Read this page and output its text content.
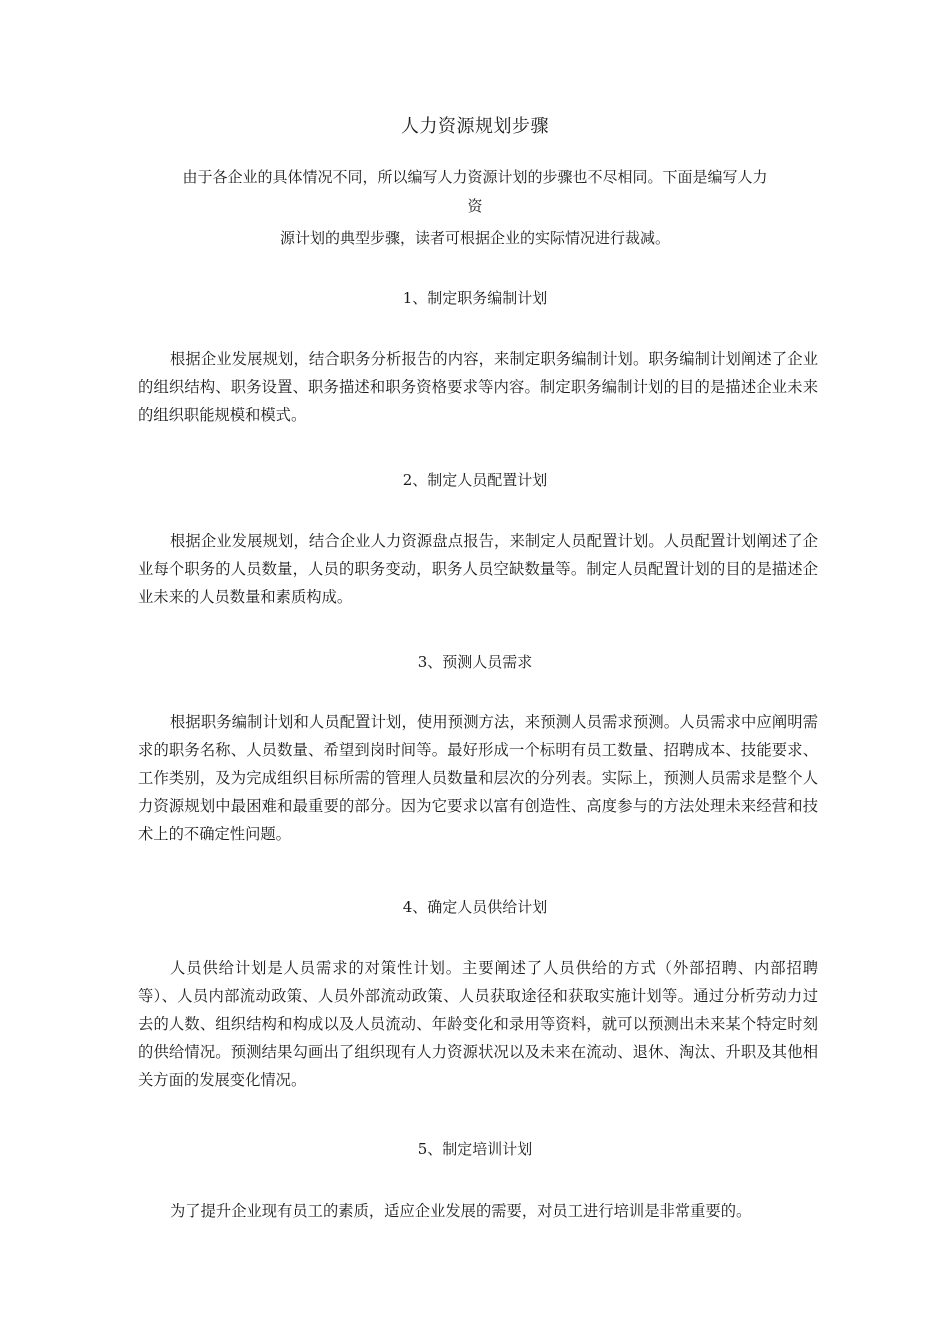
人力资源规划步骤
由于各企业的具体情况不同，所以编写人力资源计划的步骤也不尽相同。下面是编写人力
资
源计划的典型步骤，读者可根据企业的实际情况进行裁减。
1、制定职务编制计划

根据企业发展规划，结合职务分析报告的内容，来制定职务编制计划。职务编制计划阐述了企业的组织结构、职务设置、职务描述和职务资格要求等内容。制定职务编制计划的目的是描述企业未来的组织职能规模和模式。

2、制定人员配置计划

根据企业发展规划，结合企业人力资源盘点报告，来制定人员配置计划。人员配置计划阐述了企业每个职务的人员数量，人员的职务变动，职务人员空缺数量等。制定人员配置计划的目的是描述企业未来的人员数量和素质构成。

3、预测人员需求

根据职务编制计划和人员配置计划，使用预测方法，来预测人员需求预测。人员需求中应阐明需求的职务名称、人员数量、希望到岗时间等。最好形成一个标明有员工数量、招聘成本、技能要求、工作类别，及为完成组织目标所需的管理人员数量和层次的分列表。实际上，预测人员需求是整个人力资源规划中最困难和最重要的部分。因为它要求以富有创造性、高度参与的方法处理未来经营和技术上的不确定性问题。

4、确定人员供给计划

人员供给计划是人员需求的对策性计划。主要阐述了人员供给的方式（外部招聘、内部招聘等）、人员内部流动政策、人员外部流动政策、人员获取途径和获取实施计划等。通过分析劳动力过去的人数、组织结构和构成以及人员流动、年龄变化和录用等资料，就可以预测出未来某个特定时刻的供给情况。预测结果勾画出了组织现有人力资源状况以及未来在流动、退休、淘汰、升职及其他相关方面的发展变化情况。

5、制定培训计划

为了提升企业现有员工的素质，适应企业发展的需要，对员工进行培训是非常重要的。
